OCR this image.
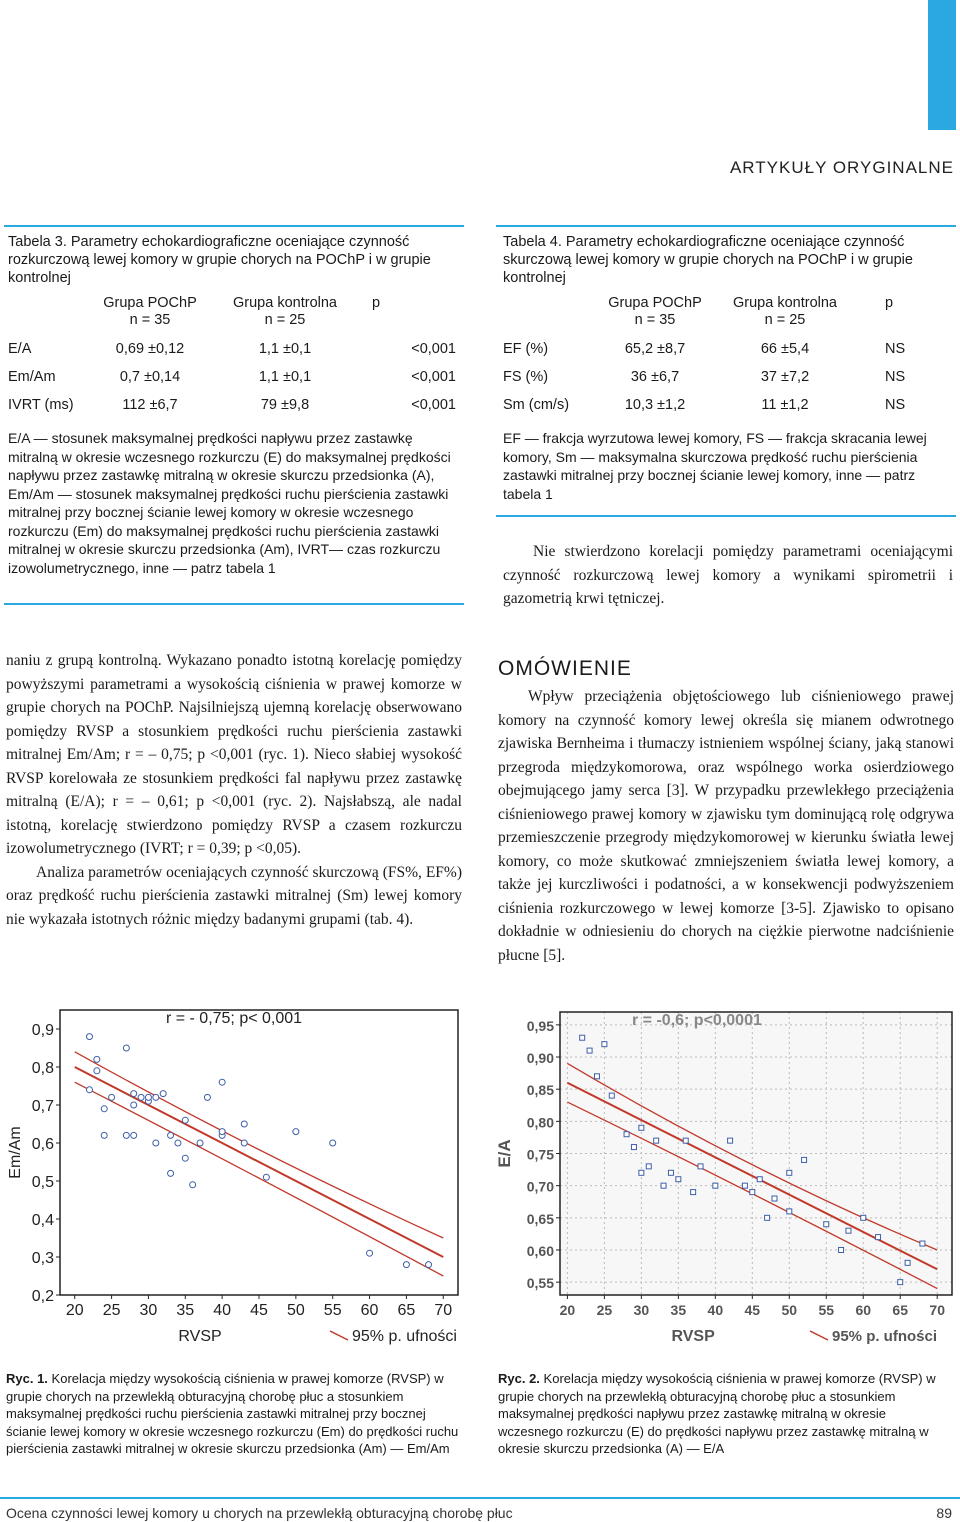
ARTYKUŁY ORYGINALNE

Tabela 3. Parametry echokardiograficzne oceniające czynność rozkurczową lewej komory w grupie chorych na POChP i w grupie kontrolnej

	Grupa POChP
n = 35	Grupa kontrolna
n = 25	p
E/A	0,69 ±0,12	1,1 ±0,1	<0,001
Em/Am	0,7 ±0,14	1,1 ±0,1	<0,001
IVRT (ms)	112 ±6,7	79 ±9,8	<0,001

E/A — stosunek maksymalnej prędkości napływu przez zastawkę mitralną w okresie wczesnego rozkurczu (E) do maksymalnej prędkości napływu przez zastawkę mitralną w okresie skurczu przedsionka (A), Em/Am — stosunek maksymalnej prędkości ruchu pierścienia zastawki mitralnej przy bocznej ścianie lewej komory w okresie wczesnego rozkurczu (Em) do maksymalnej prędkości ruchu pierścienia zastawki mitralnej w okresie skurczu przedsionka (Am), IVRT— czas rozkurczu izowolumetrycznego, inne — patrz tabela 1

Tabela 4. Parametry echokardiograficzne oceniające czynność skurczową lewej komory w grupie chorych na POChP i w grupie kontrolnej

	Grupa POChP
n = 35	Grupa kontrolna
n = 25	p
EF (%)	65,2 ±8,7	66 ±5,4	NS
FS (%)	36 ±6,7	37 ±7,2	NS
Sm (cm/s)	10,3 ±1,2	11 ±1,2	NS

EF — frakcja wyrzutowa lewej komory, FS — frakcja skracania lewej komory, Sm — maksymalna skurczowa prędkość ruchu pierścienia zastawki mitralnej przy bocznej ścianie lewej komory, inne — patrz tabela 1

Nie stwierdzono korelacji pomiędzy parametrami oceniającymi czynność rozkurczową lewej komory a wynikami spirometrii i gazometrią krwi tętniczej.

naniu z grupą kontrolną. Wykazano ponadto istotną korelację pomiędzy powyższymi parametrami a wysokością ciśnienia w prawej komorze w grupie chorych na POChP. Najsilniejszą ujemną korelację obserwowano pomiędzy RVSP a stosunkiem prędkości ruchu pierścienia zastawki mitralnej Em/Am; r = – 0,75; p <0,001 (ryc. 1). Nieco słabiej wysokość RVSP korelowała ze stosunkiem prędkości fal napływu przez zastawkę mitralną (E/A); r = – 0,61; p <0,001 (ryc. 2). Najsłabszą, ale nadal istotną, korelację stwierdzono pomiędzy RVSP a czasem rozkurczu izowolumetrycznego (IVRT; r = 0,39; p <0,05).

Analiza parametrów oceniających czynność skurczową (FS%, EF%) oraz prędkość ruchu pierścienia zastawki mitralnej (Sm) lewej komory nie wykazała istotnych różnic między badanymi grupami (tab. 4).

OMÓWIENIE

Wpływ przeciążenia objętościowego lub ciśnieniowego prawej komory na czynność komory lewej określa się mianem odwrotnego zjawiska Bernheima i tłumaczy istnieniem wspólnej ściany, jaką stanowi przegroda międzykomorowa, oraz wspólnego worka osierdziowego obejmującego jamy serca [3]. W przypadku przewlekłego przeciążenia ciśnieniowego prawej komory w zjawisku tym dominującą rolę odgrywa przemieszczenie przegrody międzykomorowej w kierunku światła lewej komory, co może skutkować zmniejszeniem światła lewej komory, a także jej kurczliwości i podatności, a w konsekwencji podwyższeniem ciśnienia rozkurczowego w lewej komorze [3-5]. Zjawisko to opisano dokładnie w odniesieniu do chorych na ciężkie pierwotne nadciśnienie płucne [5].

0,2
0,3
0,4
0,5
0,6
0,7
0,8
0,9
20 25 30 35 40 45 50 55 60 65 70
RVSP
Em/Am
r = - 0,75; p< 0,001
95% p. ufności
Ryc. 1. Korelacja między wysokością ciśnienia w prawej komorze (RVSP) w grupie chorych na przewlekłą obturacyjną chorobę płuc a stosunkiem maksymalnej prędkości ruchu pierścienia zastawki mitralnej przy bocznej ścianie lewej komory w okresie wczesnego rozkurczu (Em) do prędkości ruchu pierścienia zastawki mitralnej w okresie skurczu przedsionka (Am) — Em/Am
0,55
0,60
0,65
0,70
0,75
0,80
0,85
0,90
0,95
20 25 30 35 40 45 50 55 60 65 70
RVSP
E/A
r = -0,6; p<0,0001
95% p. ufności
Ryc. 2. Korelacja między wysokością ciśnienia w prawej komorze (RVSP) w grupie chorych na przewlekłą obturacyjną chorobę płuc a stosunkiem maksymalnej prędkości napływu przez zastawkę mitralną w okresie wczesnego rozkurczu (E) do prędkości napływu przez zastawkę mitralną w okresie skurczu przedsionka (A) — E/A
Ocena czynności lewej komory u chorych na przewlekłą obturacyjną chorobę płuc	89
